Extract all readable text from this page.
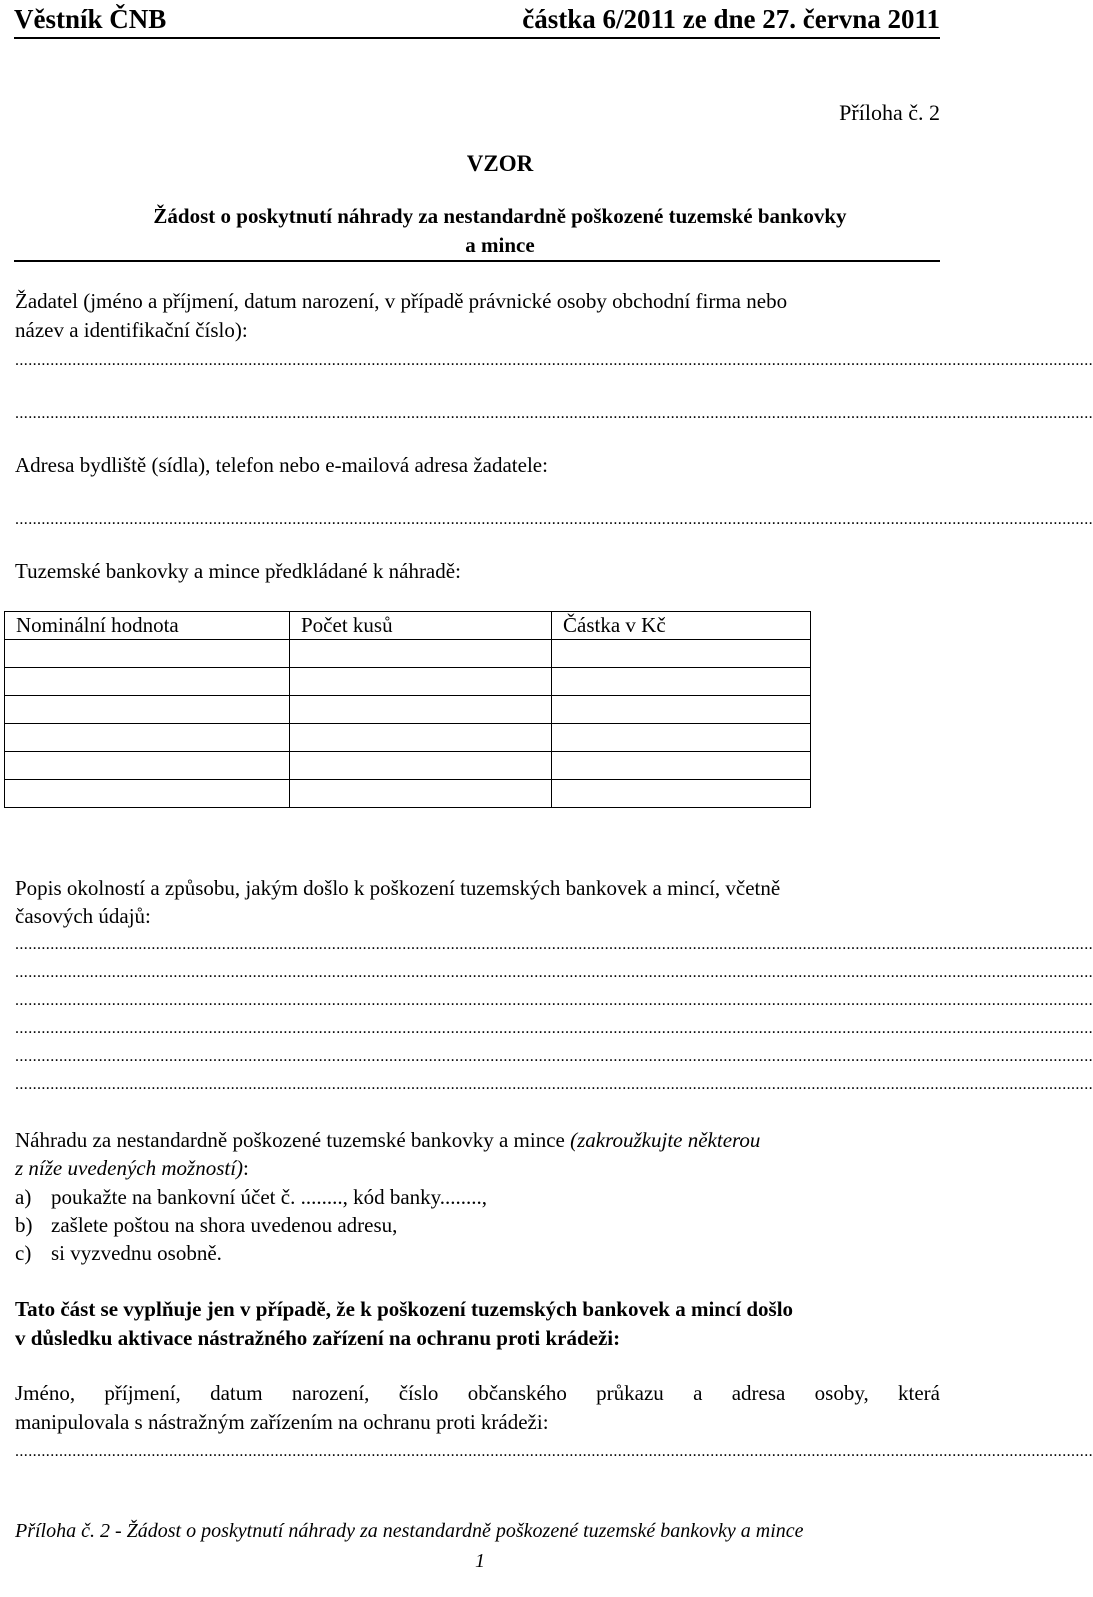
Věstník ČNB	částka 6/2011 ze dne 27. června 2011
Příloha č. 2
VZOR
Žádost o poskytnutí náhrady za nestandardně poškozené tuzemské bankovky
a mince
Žadatel (jméno a příjmení, datum narození, v případě právnické osoby obchodní firma nebo
název a identifikační číslo):
.....................................................................................................................................................................................................................................................
.....................................................................................................................................................................................................................................................
Adresa bydliště (sídla), telefon nebo e-mailová adresa žadatele:
.....................................................................................................................................................................................................................................................
Tuzemské bankovky a mince předkládané k náhradě:
Nominální hodnota	Počet kusů	Částka v Kč

Popis okolností a způsobu, jakým došlo k poškození tuzemských bankovek a mincí, včetně
časových údajů:
.....................................................................................................................................................................................................................................................
.....................................................................................................................................................................................................................................................
.....................................................................................................................................................................................................................................................
.....................................................................................................................................................................................................................................................
.....................................................................................................................................................................................................................................................
.....................................................................................................................................................................................................................................................
Náhradu za nestandardně poškozené tuzemské bankovky a mince (zakroužkujte některou
z níže uvedených možností):
a) poukažte na bankovní účet č. ........, kód banky........,
b) zašlete poštou na shora uvedenou adresu,
c) si vyzvednu osobně.
Tato část se vyplňuje jen v případě, že k poškození tuzemských bankovek a mincí došlo
v důsledku aktivace nástražného zařízení na ochranu proti krádeži:
Jméno, příjmení, datum narození, číslo občanského průkazu a adresa osoby, která
manipulovala s nástražným zařízením na ochranu proti krádeži:
.....................................................................................................................................................................................................................................................
Příloha č. 2 - Žádost o poskytnutí náhrady za nestandardně poškozené tuzemské bankovky a mince
1
